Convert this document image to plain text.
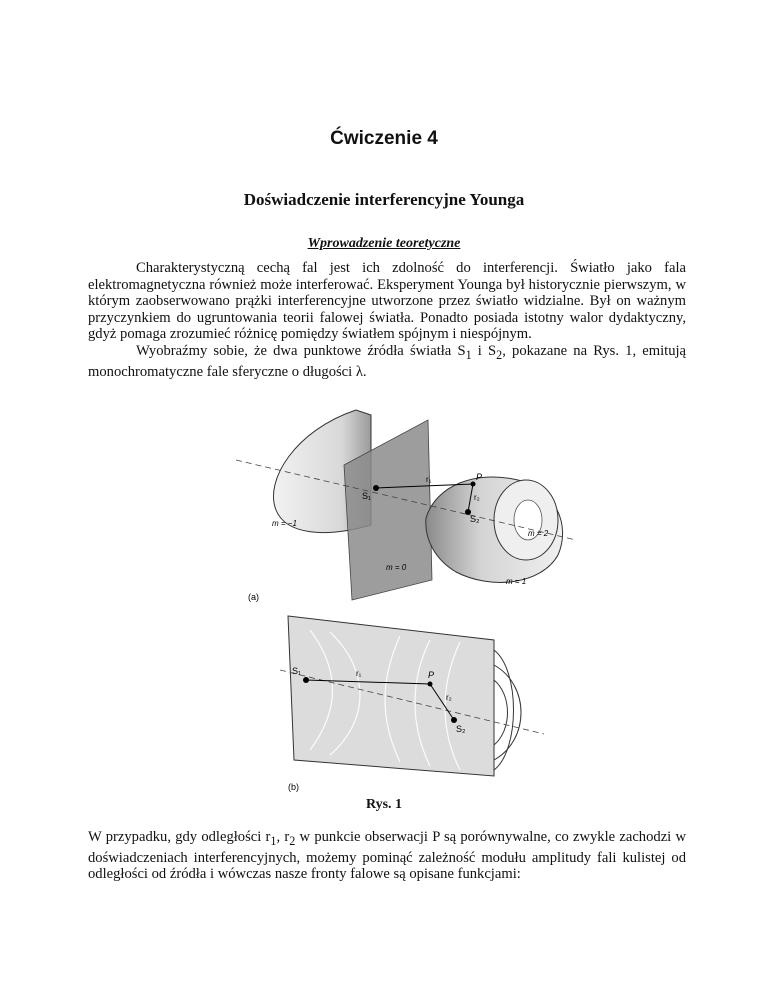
Ćwiczenie 4
Doświadczenie interferencyjne Younga
Wprowadzenie teoretyczne

Charakterystyczną cechą fal jest ich zdolność do interferencji. Światło jako fala elektromagnetyczna również może interferować. Eksperyment Younga był historycznie pierwszym, w którym zaobserwowano prążki interferencyjne utworzone przez światło widzialne. Był on ważnym przyczynkiem do ugruntowania teorii falowej światła. Ponadto posiada istotny walor dydaktyczny, gdyż pomaga zrozumieć różnicę pomiędzy światłem spójnym i niespójnym.

Wyobraźmy sobie, że dwa punktowe źródła światła $S_1$ i $S_2$, pokazane na Rys. 1, emitują monochromatyczne fale sferyczne o długości λ.

S₁
S₂
P
r₁
r₂
m = −1
m = 0
m = 2
m = 1
(a)
S₁	P
r₁
r₂
S₂
(b)
Rys. 1

W przypadku, gdy odległości $r_1$, $r_2$ w punkcie obserwacji P są porównywalne, co zwykle zachodzi w doświadczeniach interferencyjnych, możemy pominąć zależność modułu amplitudy fali kulistej od odległości od źródła i wówczas nasze fronty falowe są opisane funkcjami:
